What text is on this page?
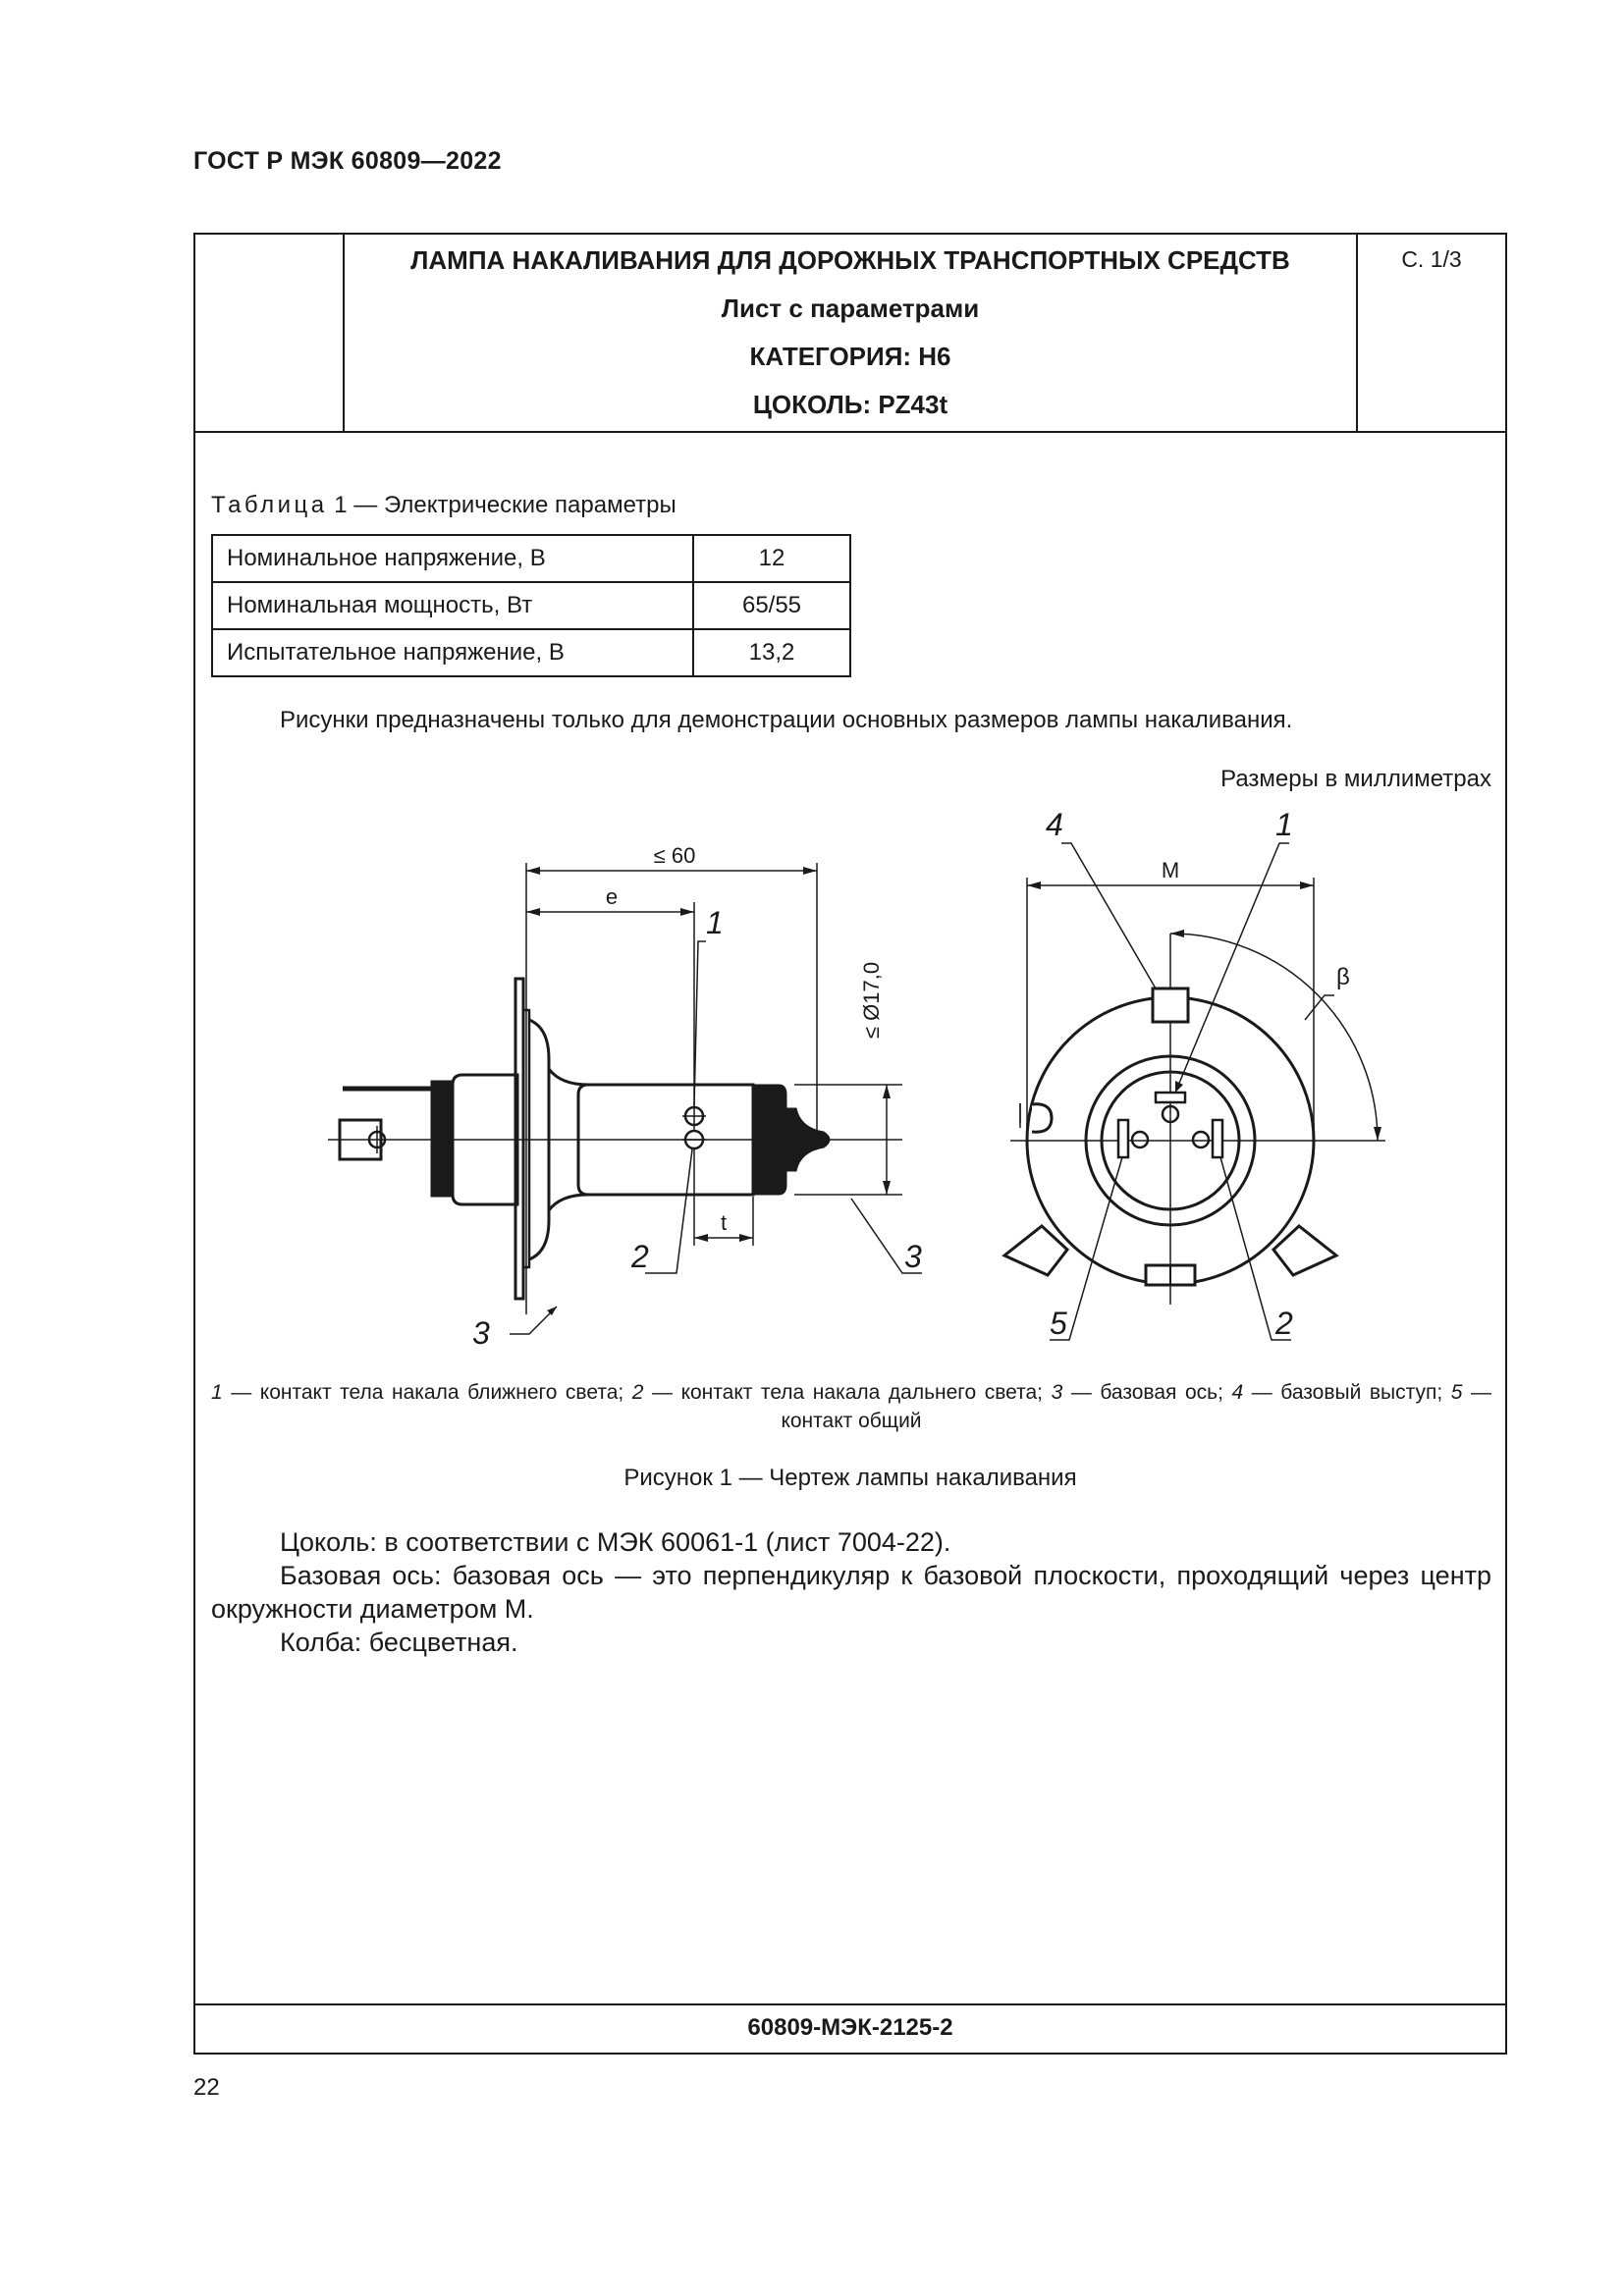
ГОСТ Р МЭК 60809—2022
ЛАМПА НАКАЛИВАНИЯ ДЛЯ ДОРОЖНЫХ ТРАНСПОРТНЫХ СРЕДСТВ
Лист с параметрами
КАТЕГОРИЯ: H6
ЦОКОЛЬ: PZ43t
С. 1/3
Таблица 1 — Электрические параметры
Номинальное напряжение, В	12
Номинальная мощность, Вт	65/55
Испытательное напряжение, В	13,2
Рисунки предназначены только для демонстрации основных размеров лампы накаливания.
Размеры в миллиметрах
≤ 60
e
t
≤ Ø17,0
1
2	3
3
M
β
4	1
5	2
1 — контакт тела накала ближнего света; 2 — контакт тела накала дальнего света; 3 — базовая ось; 4 — базовый выступ; 5 — контакт общий
Рисунок 1 — Чертеж лампы накаливания

Цоколь: в соответствии с МЭК 60061-1 (лист 7004-22).

Базовая ось: базовая ось — это перпендикуляр к базовой плоскости, проходящий через центр окружности диаметром M.

Колба: бесцветная.

60809-МЭК-2125-2
22
